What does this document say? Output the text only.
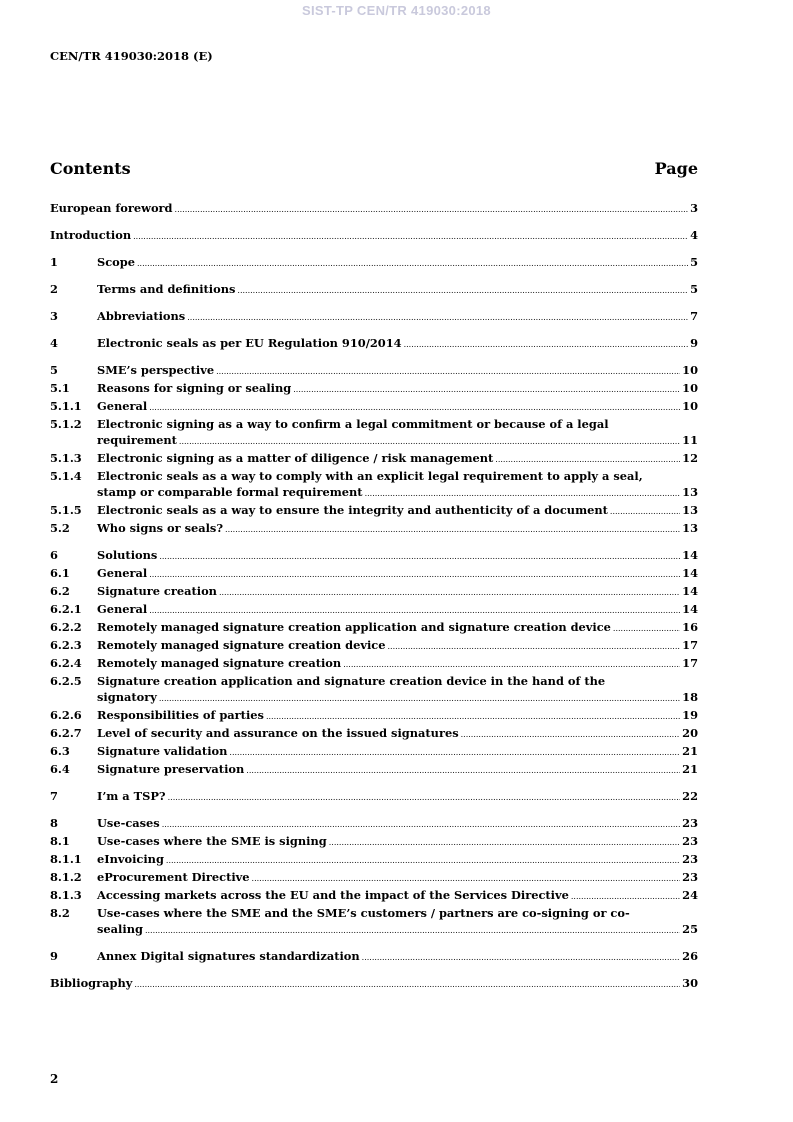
SIST-TP CEN/TR 419030:2018
CEN/TR 419030:2018 (E)
Contents	Page
European foreword .....	3
Introduction .....	4
1	Scope .....	5
2	Terms and definitions .....	5
3	Abbreviations .....	7
4	Electronic seals as per EU Regulation 910/2014 .....	9
5	SME’s perspective .....	10
5.1	Reasons for signing or sealing .....	10
5.1.1	General .....	10
5.1.2	Electronic signing as a way to confirm a legal commitment or because of a legal
requirement .....	11
5.1.3	Electronic signing as a matter of diligence / risk management .....	12
5.1.4	Electronic seals as a way to comply with an explicit legal requirement to apply a seal,
stamp or comparable formal requirement .....	13
5.1.5	Electronic seals as a way to ensure the integrity and authenticity of a document .....	13
5.2	Who signs or seals? .....	13
6	Solutions .....	14
6.1	General .....	14
6.2	Signature creation .....	14
6.2.1	General .....	14
6.2.2	Remotely managed signature creation application and signature creation device .....	16
6.2.3	Remotely managed signature creation device .....	17
6.2.4	Remotely managed signature creation .....	17
6.2.5	Signature creation application and signature creation device in the hand of the
signatory .....	18
6.2.6	Responsibilities of parties .....	19
6.2.7	Level of security and assurance on the issued signatures .....	20
6.3	Signature validation .....	21
6.4	Signature preservation .....	21
7	I’m a TSP? .....	22
8	Use-cases .....	23
8.1	Use-cases where the SME is signing .....	23
8.1.1	eInvoicing .....	23
8.1.2	eProcurement Directive .....	23
8.1.3	Accessing markets across the EU and the impact of the Services Directive .....	24
8.2	Use-cases where the SME and the SME’s customers / partners are co-signing or co-
sealing .....	25
9	Annex Digital signatures standardization .....	26
Bibliography .....	30
2
